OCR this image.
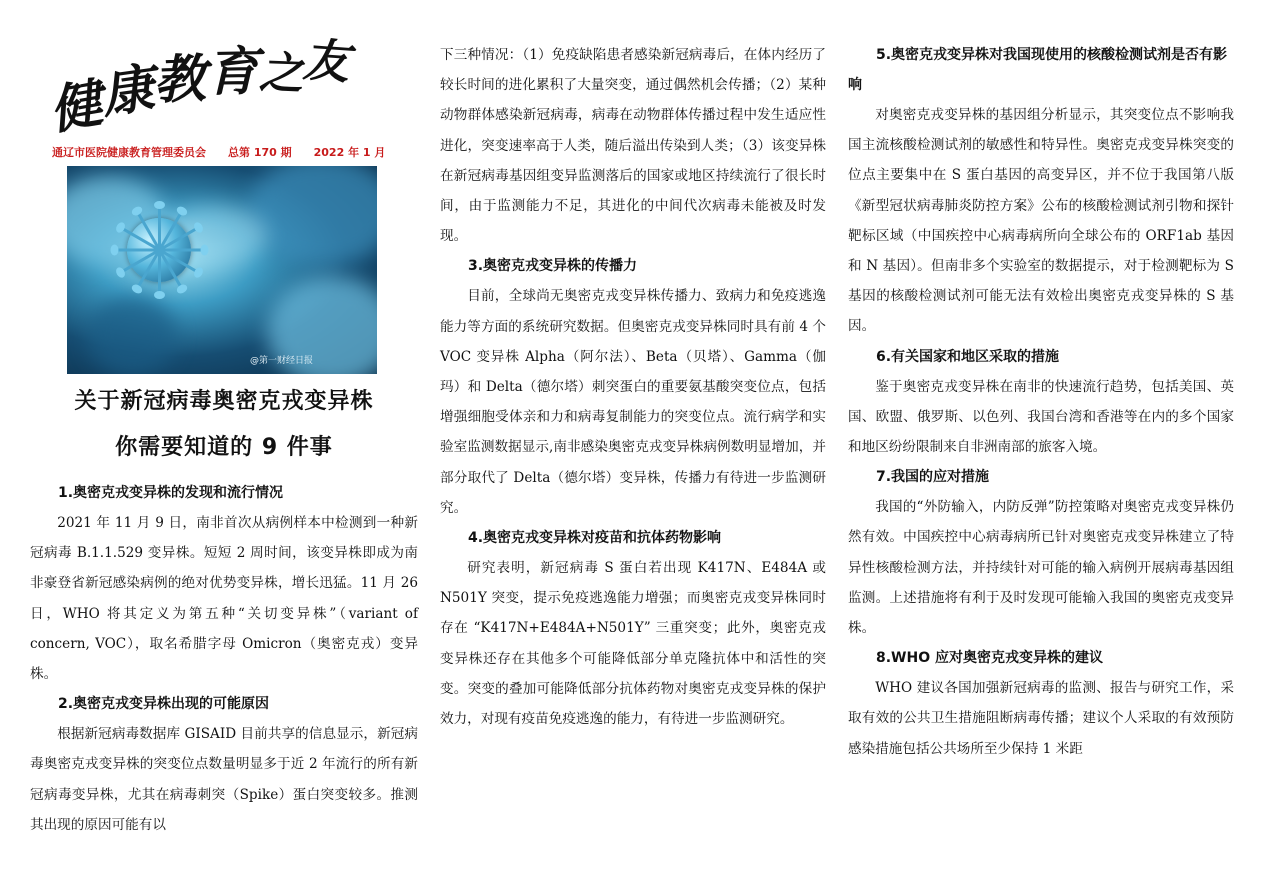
健康教育之友
通辽市医院健康教育管理委员会 总第 170 期 2022 年 1 月
@第一财经日报
关于新冠病毒奥密克戎变异株
你需要知道的 9 件事

1.奥密克戎变异株的发现和流行情况

2021 年 11 月 9 日，南非首次从病例样本中检测到一种新冠病毒 B.1.1.529 变异株。短短 2 周时间，该变异株即成为南非豪登省新冠感染病例的绝对优势变异株，增长迅猛。11 月 26 日，WHO 将其定义为第五种“关切变异株”（variant of concern, VOC），取名希腊字母 Omicron（奥密克戎）变异株。

2.奥密克戎变异株出现的可能原因

根据新冠病毒数据库 GISAID 目前共享的信息显示，新冠病毒奥密克戎变异株的突变位点数量明显多于近 2 年流行的所有新冠病毒变异株，尤其在病毒刺突（Spike）蛋白突变较多。推测其出现的原因可能有以

下三种情况：（1）免疫缺陷患者感染新冠病毒后，在体内经历了较长时间的进化累积了大量突变，通过偶然机会传播；（2）某种动物群体感染新冠病毒，病毒在动物群体传播过程中发生适应性进化，突变速率高于人类，随后溢出传染到人类；（3）该变异株在新冠病毒基因组变异监测落后的国家或地区持续流行了很长时间，由于监测能力不足，其进化的中间代次病毒未能被及时发现。

3.奥密克戎变异株的传播力

目前，全球尚无奥密克戎变异株传播力、致病力和免疫逃逸能力等方面的系统研究数据。但奥密克戎变异株同时具有前 4 个 VOC 变异株 Alpha（阿尔法）、Beta（贝塔）、Gamma（伽玛）和 Delta（德尔塔）刺突蛋白的重要氨基酸突变位点，包括增强细胞受体亲和力和病毒复制能力的突变位点。流行病学和实验室监测数据显示,南非感染奥密克戎变异株病例数明显增加，并部分取代了 Delta（德尔塔）变异株，传播力有待进一步监测研究。

4.奥密克戎变异株对疫苗和抗体药物影响

研究表明，新冠病毒 S 蛋白若出现 K417N、E484A 或 N501Y 突变，提示免疫逃逸能力增强；而奥密克戎变异株同时存在 “K417N+E484A+N501Y” 三重突变；此外，奥密克戎变异株还存在其他多个可能降低部分单克隆抗体中和活性的突变。突变的叠加可能降低部分抗体药物对奥密克戎变异株的保护效力，对现有疫苗免疫逃逸的能力，有待进一步监测研究。

5.奥密克戎变异株对我国现使用的核酸检测试剂是否有影响

对奥密克戎变异株的基因组分析显示，其突变位点不影响我国主流核酸检测试剂的敏感性和特异性。奥密克戎变异株突变的位点主要集中在 S 蛋白基因的高变异区，并不位于我国第八版《新型冠状病毒肺炎防控方案》公布的核酸检测试剂引物和探针靶标区域（中国疾控中心病毒病所向全球公布的 ORF1ab 基因和 N 基因）。但南非多个实验室的数据提示，对于检测靶标为 S 基因的核酸检测试剂可能无法有效检出奥密克戎变异株的 S 基因。

6.有关国家和地区采取的措施

鉴于奥密克戎变异株在南非的快速流行趋势，包括美国、英国、欧盟、俄罗斯、以色列、我国台湾和香港等在内的多个国家和地区纷纷限制来自非洲南部的旅客入境。

7.我国的应对措施

我国的“外防输入，内防反弹”防控策略对奥密克戎变异株仍然有效。中国疾控中心病毒病所已针对奥密克戎变异株建立了特异性核酸检测方法，并持续针对可能的输入病例开展病毒基因组监测。上述措施将有利于及时发现可能输入我国的奥密克戎变异株。

8.WHO 应对奥密克戎变异株的建议

WHO 建议各国加强新冠病毒的监测、报告与研究工作，采取有效的公共卫生措施阻断病毒传播；建议个人采取的有效预防感染措施包括公共场所至少保持 1 米距
